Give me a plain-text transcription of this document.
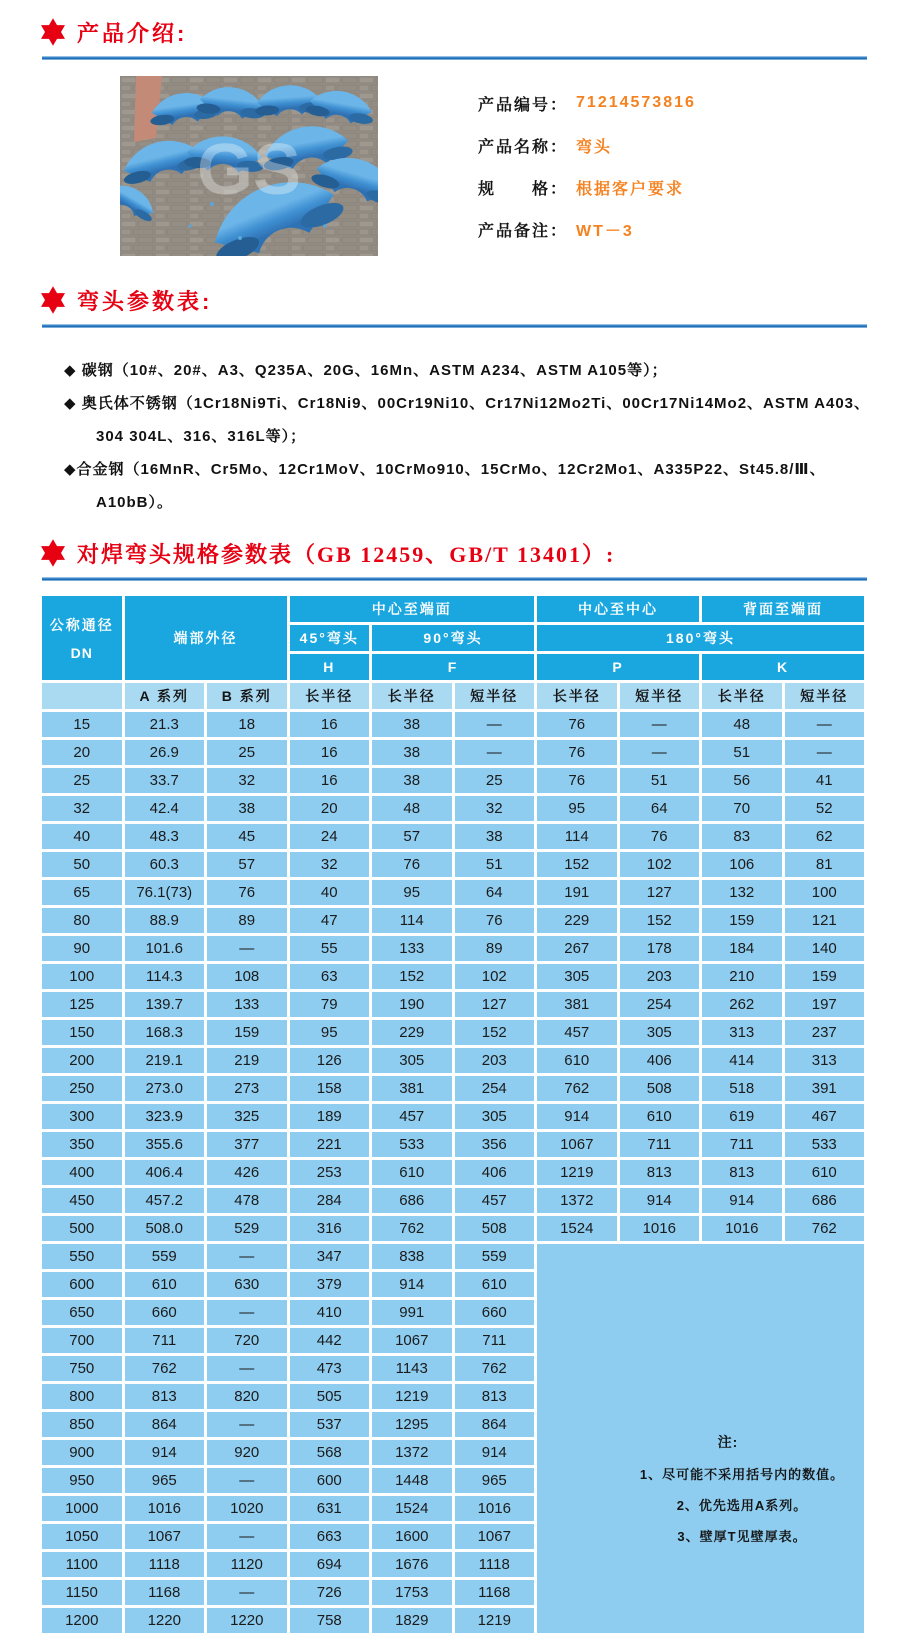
产品介绍:
GS
产品编号： 71214573816
产品名称： 弯头
规　　格： 根据客户要求
产品备注： WT－3
弯头参数表:
◆ 碳钢（10#、20#、A3、Q235A、20G、16Mn、ASTM A234、ASTM A105等）；
◆ 奥氏体不锈钢（1Cr18Ni9Ti、Cr18Ni9、00Cr19Ni10、Cr17Ni12Mo2Ti、00Cr17Ni14Mo2、ASTM A403、304 304L、316、316L等）；
◆合金钢（16MnR、Cr5Mo、12Cr1MoV、10CrMo910、15CrMo、12Cr2Mo1、A335P22、St45.8/Ⅲ、A10bB）。
对焊弯头规格参数表（GB 12459、GB/T 13401）:
公称通径
DN	端部外径		中心至端面			中心至中心		背面至端面	
			45°弯头	90°弯头		180°弯头			
			H	F		P		K	
	A 系列	B 系列	长半径	长半径	短半径	长半径	短半径	长半径	短半径
15	21.3	18	16	38	—	76	—	48	—
20	26.9	25	16	38	—	76	—	51	—
25	33.7	32	16	38	25	76	51	56	41
32	42.4	38	20	48	32	95	64	70	52
40	48.3	45	24	57	38	114	76	83	62
50	60.3	57	32	76	51	152	102	106	81
65	76.1(73)	76	40	95	64	191	127	132	100
80	88.9	89	47	114	76	229	152	159	121
90	101.6	—	55	133	89	267	178	184	140
100	114.3	108	63	152	102	305	203	210	159
125	139.7	133	79	190	127	381	254	262	197
150	168.3	159	95	229	152	457	305	313	237
200	219.1	219	126	305	203	610	406	414	313
250	273.0	273	158	381	254	762	508	518	391
300	323.9	325	189	457	305	914	610	619	467
350	355.6	377	221	533	356	1067	711	711	533
400	406.4	426	253	610	406	1219	813	813	610
450	457.2	478	284	686	457	1372	914	914	686
500	508.0	529	316	762	508	1524	1016	1016	762
550	559	—	347	838	559	注:
1、尽可能不采用括号内的数值。
2、优先选用A系列。
3、壁厚T见壁厚表。			

600	610	630	379	914	610				
650	660	—	410	991	660				
700	711	720	442	1067	711				
750	762	—	473	1143	762				
800	813	820	505	1219	813				
850	864	—	537	1295	864				
900	914	920	568	1372	914				
950	965	—	600	1448	965				
1000	1016	1020	631	1524	1016				
1050	1067	—	663	1600	1067				
1100	1118	1120	694	1676	1118				
1150	1168	—	726	1753	1168				
1200	1220	1220	758	1829	1219				
